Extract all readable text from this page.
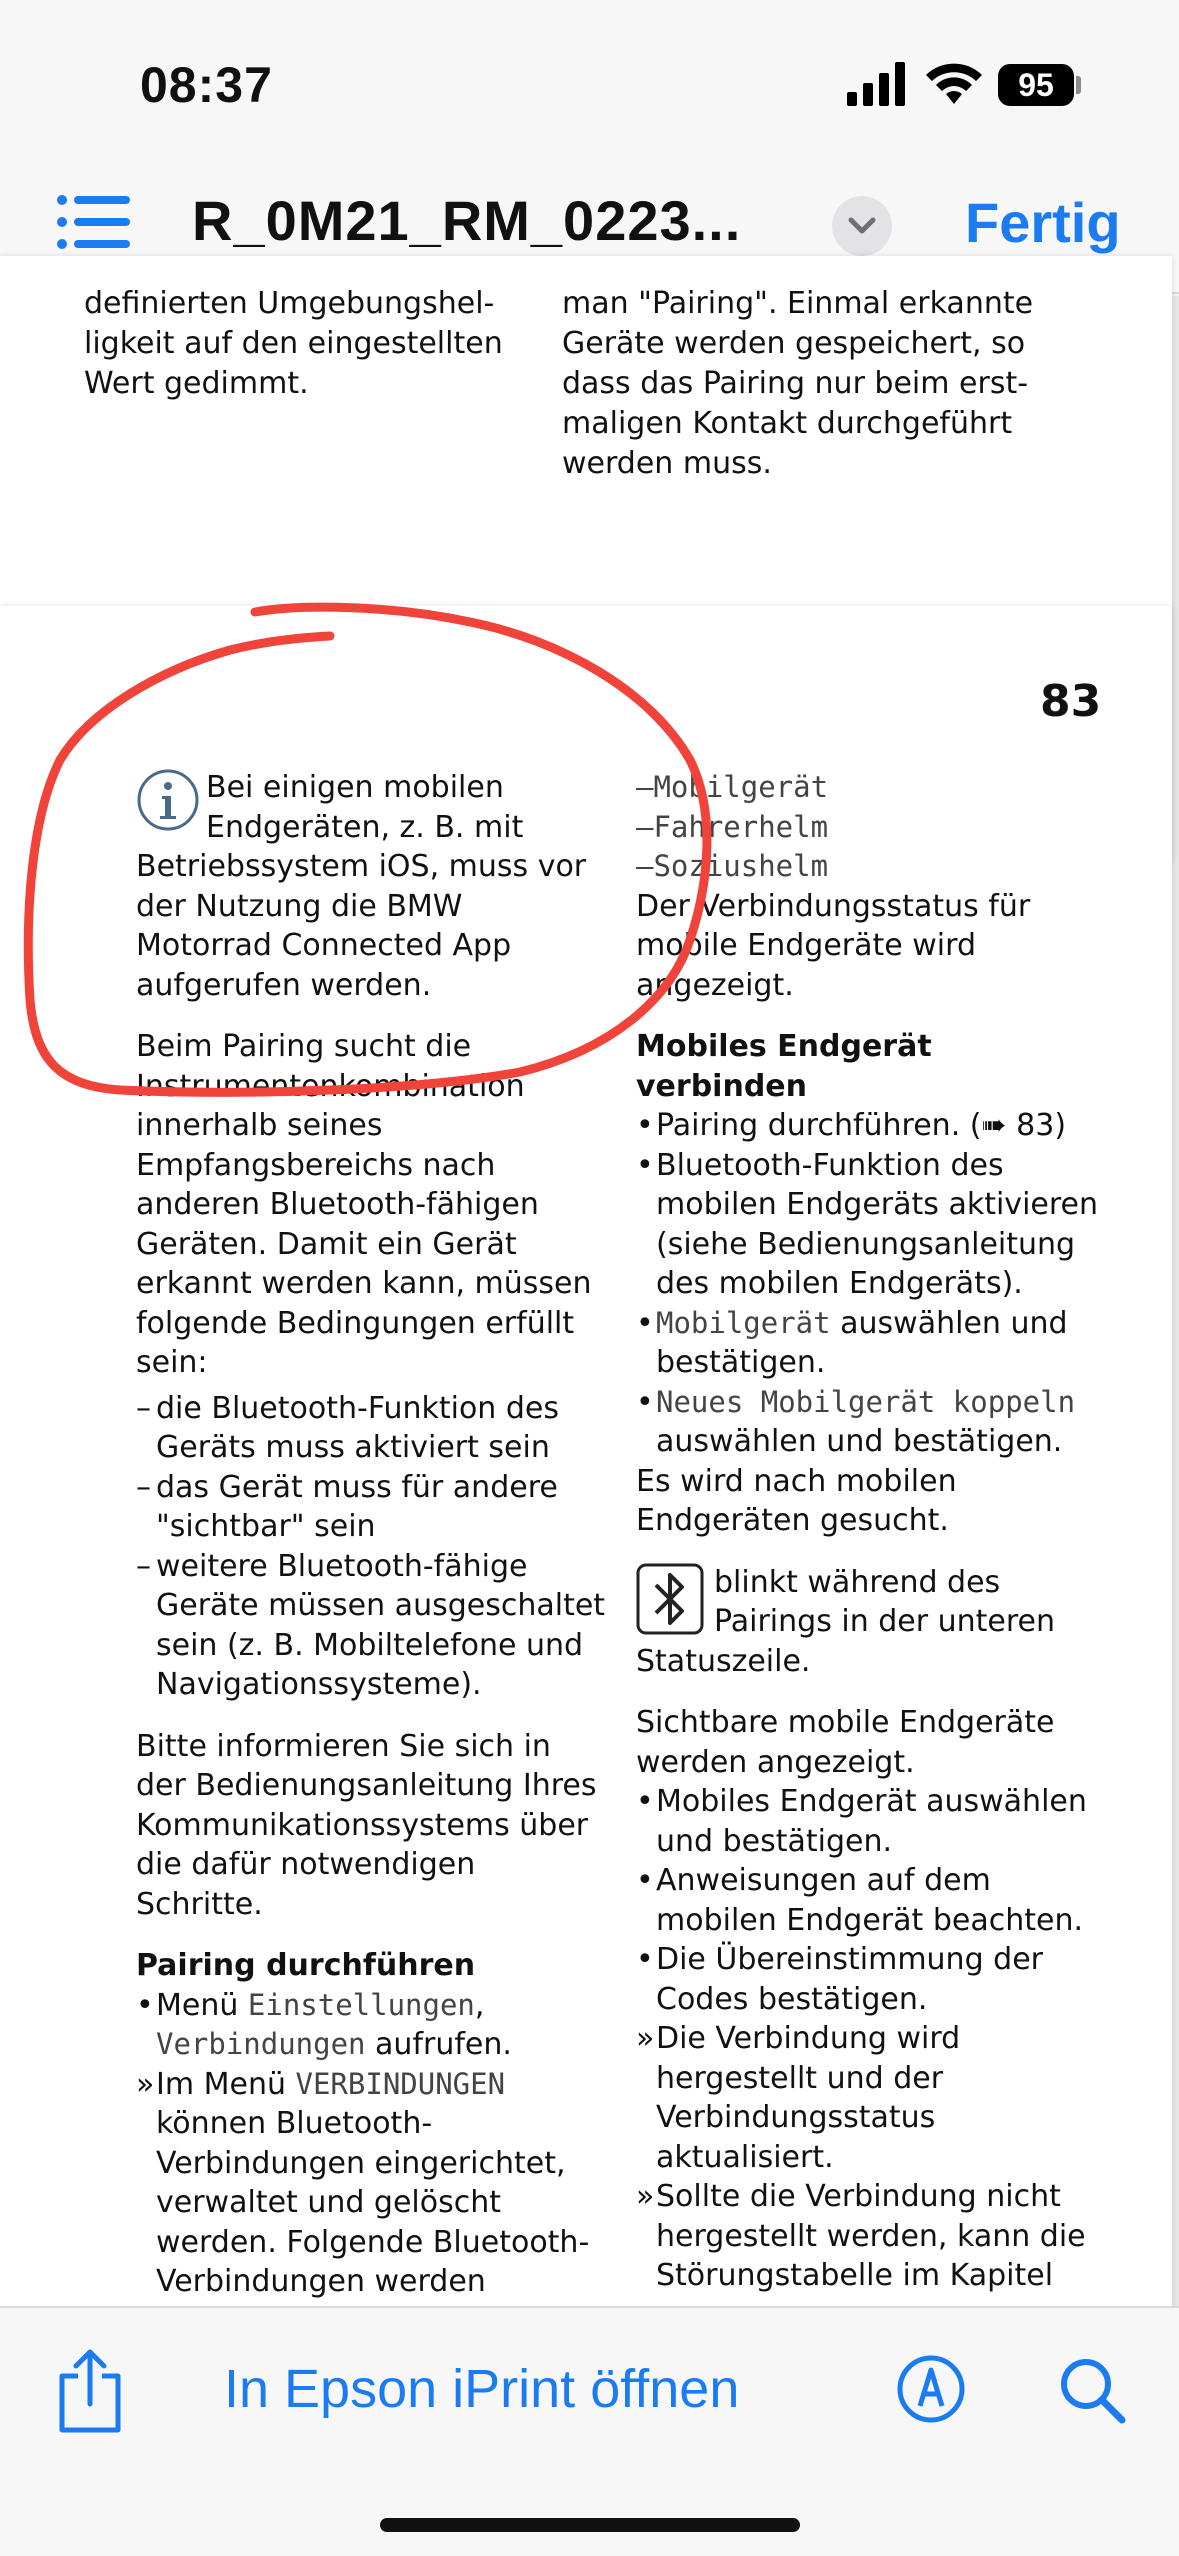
08:37	95
R_0M21_RM_0223...	Fertig
definierten Umgebungshel-
ligkeit auf den eingestellten
Wert gedimmt.
man "Pairing". Einmal erkannte
Geräte werden gespeichert, so
dass das Pairing nur beim erst-
maligen Kontakt durchgeführt
werden muss.
83

Bei einigen mobilen Endgeräten, z. B. mit Betriebssystem iOS, muss vor der Nutzung die BMW Motorrad Connected App aufgerufen werden.

Beim Pairing sucht die Instrumentenkombination innerhalb seines Empfangsbereichs nach anderen Bluetooth-fähigen Geräten. Damit ein Gerät erkannt werden kann, müssen folgende Bedingungen erfüllt sein:

– die Bluetooth-Funktion des Geräts muss aktiviert sein
– das Gerät muss für andere "sichtbar" sein
– weitere Bluetooth-fähige Geräte müssen ausgeschaltet sein (z. B. Mobiltelefone und Navigationssysteme).

Bitte informieren Sie sich in der Bedienungsanleitung Ihres Kommunikationssystems über die dafür notwendigen Schritte.

Pairing durchführen
• Menü Einstellungen, Verbindungen aufrufen.
» Im Menü VERBINDUNGEN können Bluetooth-Verbindungen eingerichtet, verwaltet und gelöscht werden. Folgende Bluetooth-Verbindungen werden
–Mobilgerät
–Fahrerhelm
–Soziushelm

Der Verbindungsstatus für mobile Endgeräte wird angezeigt.

Mobiles Endgerät verbinden
• Pairing durchführen. (➠ 83)
• Bluetooth-Funktion des mobilen Endgeräts aktivieren (siehe Bedienungsanleitung des mobilen Endgeräts).
• Mobilgerät auswählen und bestätigen.
• Neues Mobilgerät koppeln auswählen und bestätigen.

Es wird nach mobilen Endgeräten gesucht.

blinkt während des Pairings in der unteren Statuszeile.

Sichtbare mobile Endgeräte werden angezeigt.

• Mobiles Endgerät auswählen und bestätigen.
• Anweisungen auf dem mobilen Endgerät beachten.
• Die Übereinstimmung der Codes bestätigen.
» Die Verbindung wird hergestellt und der Verbindungsstatus aktualisiert.
» Sollte die Verbindung nicht hergestellt werden, kann die Störungstabelle im Kapitel
In Epson iPrint öffnen
